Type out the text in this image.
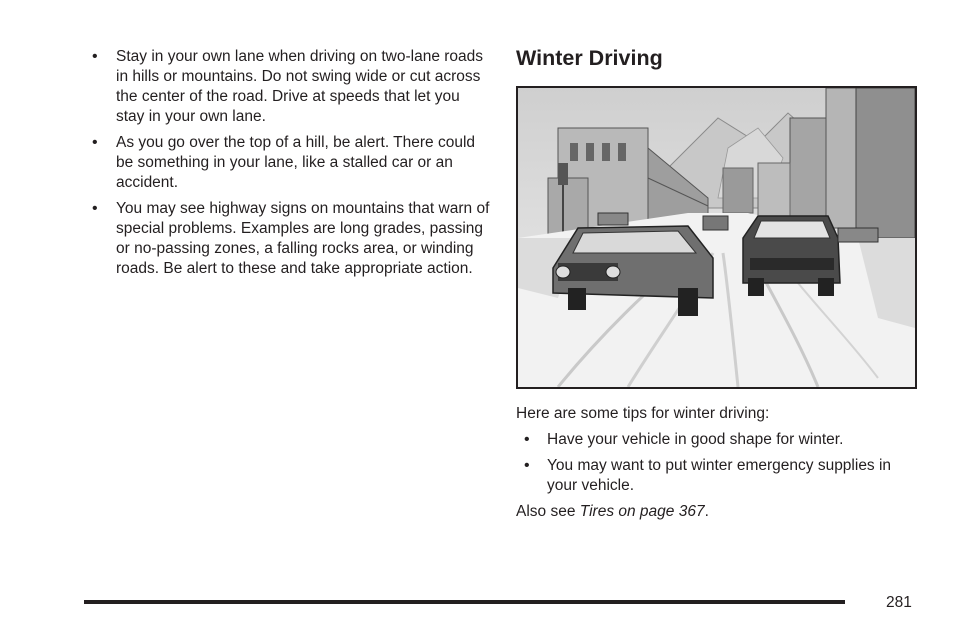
• Stay in your own lane when driving on two-lane roads in hills or mountains. Do not swing wide or cut across the center of the road. Drive at speeds that let you stay in your own lane.
• As you go over the top of a hill, be alert. There could be something in your lane, like a stalled car or an accident.
• You may see highway signs on mountains that warn of special problems. Examples are long grades, passing or no-passing zones, a falling rocks area, or winding roads. Be alert to these and take appropriate action.
Winter Driving

Here are some tips for winter driving:

• Have your vehicle in good shape for winter.
• You may want to put winter emergency supplies in your vehicle.
Also see Tires on page 367.
281
